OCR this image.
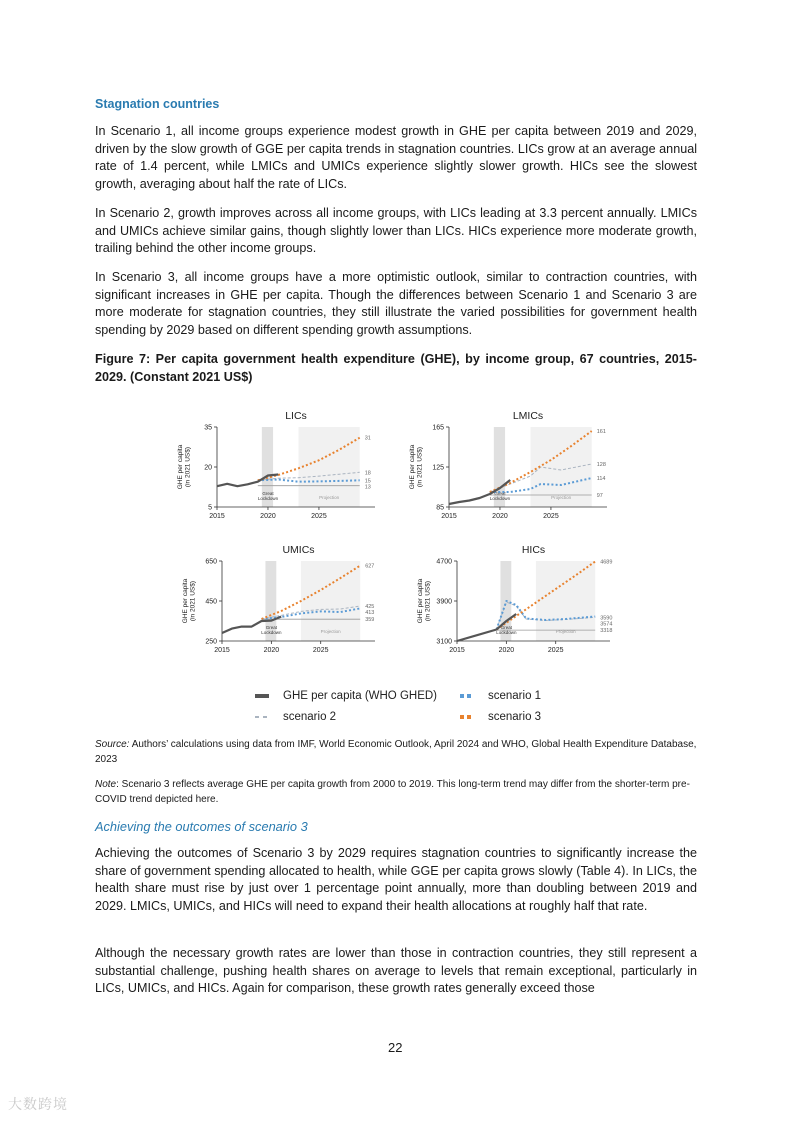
Stagnation countries

In Scenario 1, all income groups experience modest growth in GHE per capita between 2019 and 2029, driven by the slow growth of GGE per capita trends in stagnation countries. LICs grow at an average annual rate of 1.4 percent, while LMICs and UMICs experience slightly slower growth. HICs see the slowest growth, averaging about half the rate of LICs.

In Scenario 2, growth improves across all income groups, with LICs leading at 3.3 percent annually. LMICs and UMICs achieve similar gains, though slightly lower than LICs. HICs experience more moderate growth, trailing behind the other income groups.

In Scenario 3, all income groups have a more optimistic outlook, similar to contraction countries, with significant increases in GHE per capita. Though the differences between Scenario 1 and Scenario 3 are more moderate for stagnation countries, they still illustrate the varied possibilities for government health spending by 2029 based on different spending growth assumptions.

Figure 7: Per capita government health expenditure (GHE), by income group, 67 countries, 2015-2029. (Constant 2021 US$)

Source: Authors’ calculations using data from IMF, World Economic Outlook, April 2024 and WHO, Global Health Expenditure Database, 2023

Note: Scenario 3 reflects average GHE per capita growth from 2000 to 2019. This long-term trend may differ from the shorter-term pre-COVID trend depicted here.

Achieving the outcomes of scenario 3

Achieving the outcomes of Scenario 3 by 2029 requires stagnation countries to significantly increase the share of government spending allocated to health, while GGE per capita grows slowly (Table 4). In LICs, the health share must rise by just over 1 percentage point annually, more than doubling between 2019 and 2029. LMICs, UMICs, and HICs will need to expand their health allocations at roughly half that rate.

Although the necessary growth rates are lower than those in contraction countries, they still represent a substantial challenge, pushing health shares on average to levels that remain exceptional, particularly in LICs, UMICs, and HICs. Again for comparison, these growth rates generally exceed those

LICs
5
20
35
2015	2020	2025
GHE per capita(in 2021 US$)
Great Lockdown	Projection
31
18
15
13
LMICs
85
125
165
2015	2020	2025
GHE per capita(in 2021 US$)
Great Lockdown	Projection
161
128
114
97
UMICs
250
450
650
2015	2020	2025
GHE per capita(in 2021 US$)
Great Lockdown	Projection
627
425
413
359
HICs
3100
3900
4700
2015	2020	2025
GHE per capita(in 2021 US$)
Great Lockdown	Projection
4689
3590
3574
3318
GHE per capita (WHO GHED)	scenario 1
scenario 2	scenario 3
22
大数跨境
